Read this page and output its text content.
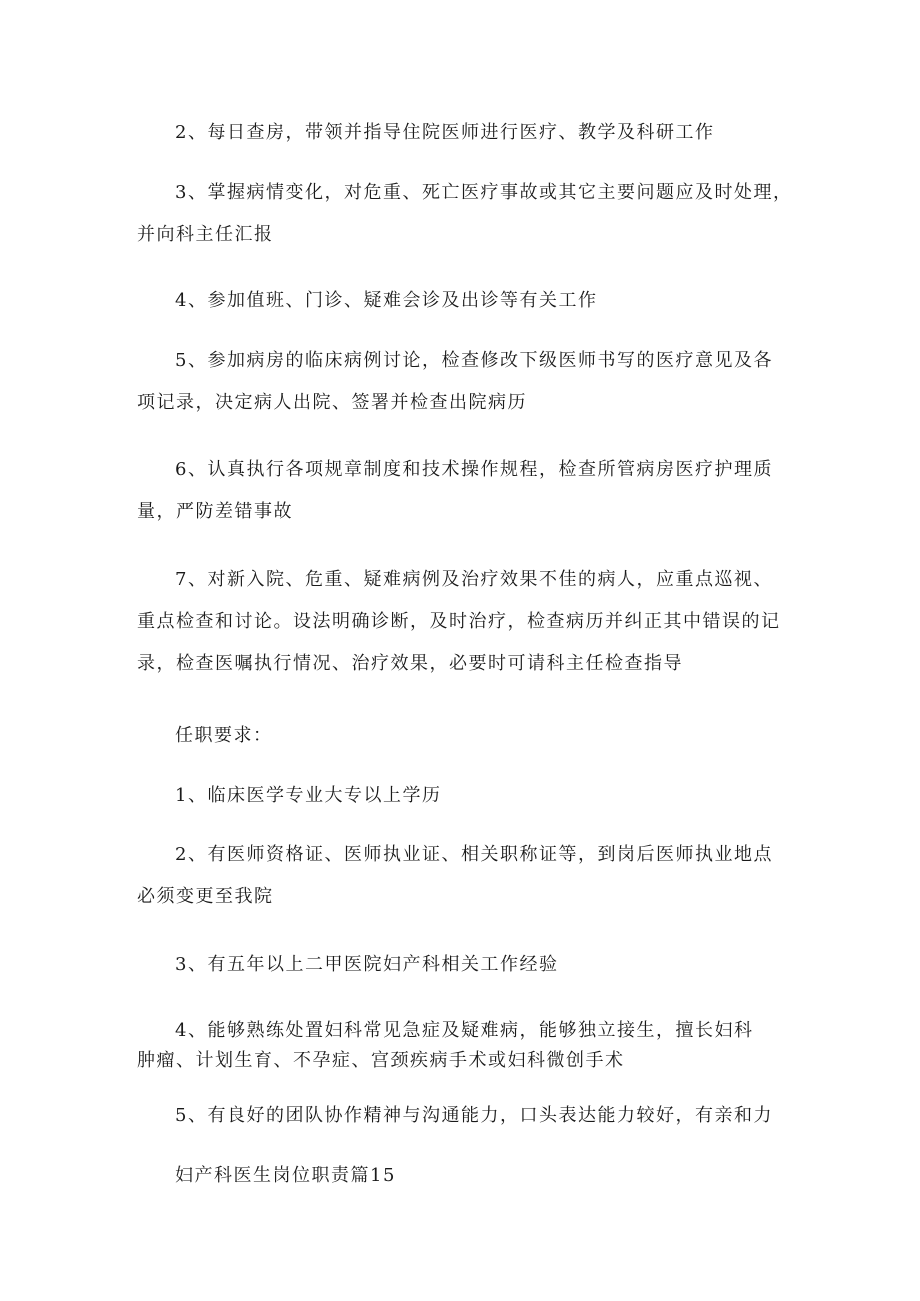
2、每日查房，带领并指导住院医师进行医疗、教学及科研工作

3、掌握病情变化，对危重、死亡医疗事故或其它主要问题应及时处理，
并向科主任汇报

4、参加值班、门诊、疑难会诊及出诊等有关工作

5、参加病房的临床病例讨论，检查修改下级医师书写的医疗意见及各
项记录，决定病人出院、签署并检查出院病历

6、认真执行各项规章制度和技术操作规程，检查所管病房医疗护理质
量，严防差错事故

7、对新入院、危重、疑难病例及治疗效果不佳的病人，应重点巡视、
重点检查和讨论。设法明确诊断，及时治疗，检查病历并纠正其中错误的记
录，检查医嘱执行情况、治疗效果，必要时可请科主任检查指导

任职要求：

1、临床医学专业大专以上学历

2、有医师资格证、医师执业证、相关职称证等，到岗后医师执业地点
必须变更至我院

3、有五年以上二甲医院妇产科相关工作经验

4、能够熟练处置妇科常见急症及疑难病，能够独立接生，擅长妇科
肿瘤、计划生育、不孕症、宫颈疾病手术或妇科微创手术

5、有良好的团队协作精神与沟通能力，口头表达能力较好，有亲和力

妇产科医生岗位职责篇15
